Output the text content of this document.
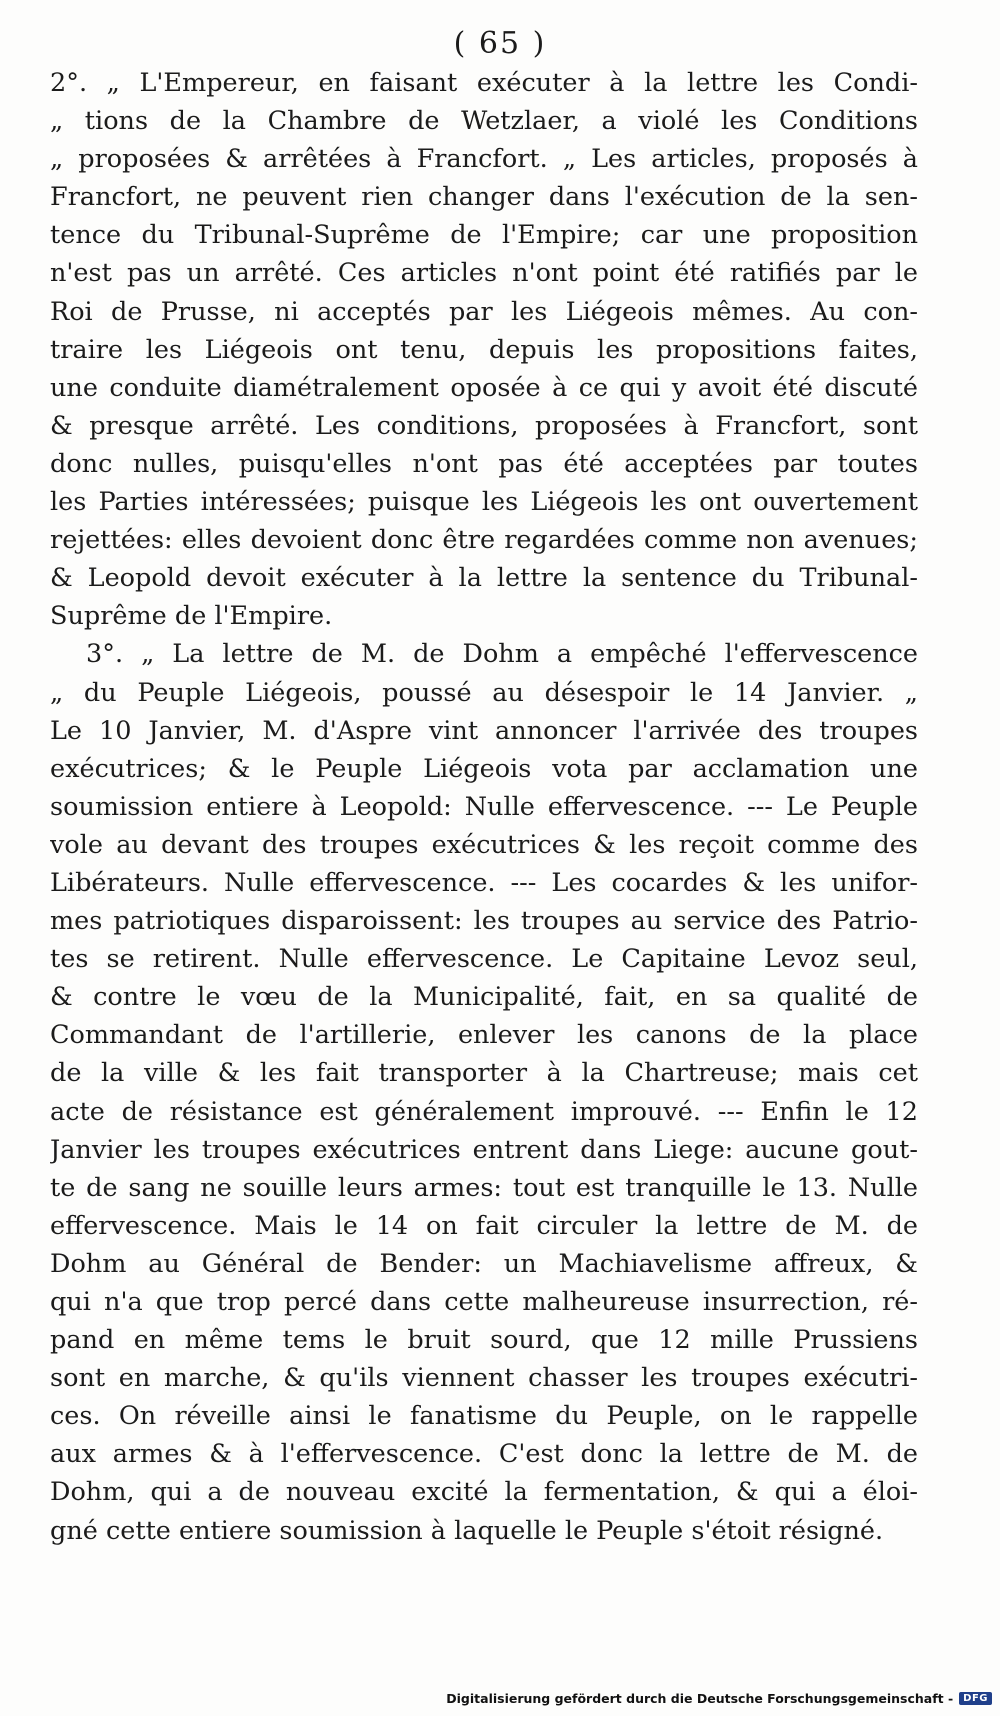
( 65 )
2°. „ L'Empereur, en faisant exécuter à la lettre les Condi-
„ tions de la Chambre de Wetzlaer, a violé les Conditions
„ proposées & arrêtées à Francfort. „ Les articles, proposés à
Francfort, ne peuvent rien changer dans l'exécution de la sen-
tence du Tribunal-Suprême de l'Empire; car une proposition
n'est pas un arrêté. Ces articles n'ont point été ratifiés par le
Roi de Prusse, ni acceptés par les Liégeois mêmes. Au con-
traire les Liégeois ont tenu, depuis les propositions faites,
une conduite diamétralement oposée à ce qui y avoit été discuté
& presque arrêté. Les conditions, proposées à Francfort, sont
donc nulles, puisqu'elles n'ont pas été acceptées par toutes
les Parties intéressées; puisque les Liégeois les ont ouvertement
rejettées: elles devoient donc être regardées comme non avenues;
& Leopold devoit exécuter à la lettre la sentence du Tribunal-
Suprême de l'Empire.
3°. „ La lettre de M. de Dohm a empêché l'effervescence
„ du Peuple Liégeois, poussé au désespoir le 14 Janvier. „
Le 10 Janvier, M. d'Aspre vint annoncer l'arrivée des troupes
exécutrices; & le Peuple Liégeois vota par acclamation une
soumission entiere à Leopold: Nulle effervescence. --- Le Peuple
vole au devant des troupes exécutrices & les reçoit comme des
Libérateurs. Nulle effervescence. --- Les cocardes & les unifor-
mes patriotiques disparoissent: les troupes au service des Patrio-
tes se retirent. Nulle effervescence. Le Capitaine Levoz seul,
& contre le vœu de la Municipalité, fait, en sa qualité de
Commandant de l'artillerie, enlever les canons de la place
de la ville & les fait transporter à la Chartreuse; mais cet
acte de résistance est généralement improuvé. --- Enfin le 12
Janvier les troupes exécutrices entrent dans Liege: aucune gout-
te de sang ne souille leurs armes: tout est tranquille le 13. Nulle
effervescence. Mais le 14 on fait circuler la lettre de M. de
Dohm au Général de Bender: un Machiavelisme affreux, &
qui n'a que trop percé dans cette malheureuse insurrection, ré-
pand en même tems le bruit sourd, que 12 mille Prussiens
sont en marche, & qu'ils viennent chasser les troupes exécutri-
ces. On réveille ainsi le fanatisme du Peuple, on le rappelle
aux armes & à l'effervescence. C'est donc la lettre de M. de
Dohm, qui a de nouveau excité la fermentation, & qui a éloi-
gné cette entiere soumission à laquelle le Peuple s'étoit résigné.
Digitalisierung gefördert durch die Deutsche Forschungsgemeinschaft -	DFG
